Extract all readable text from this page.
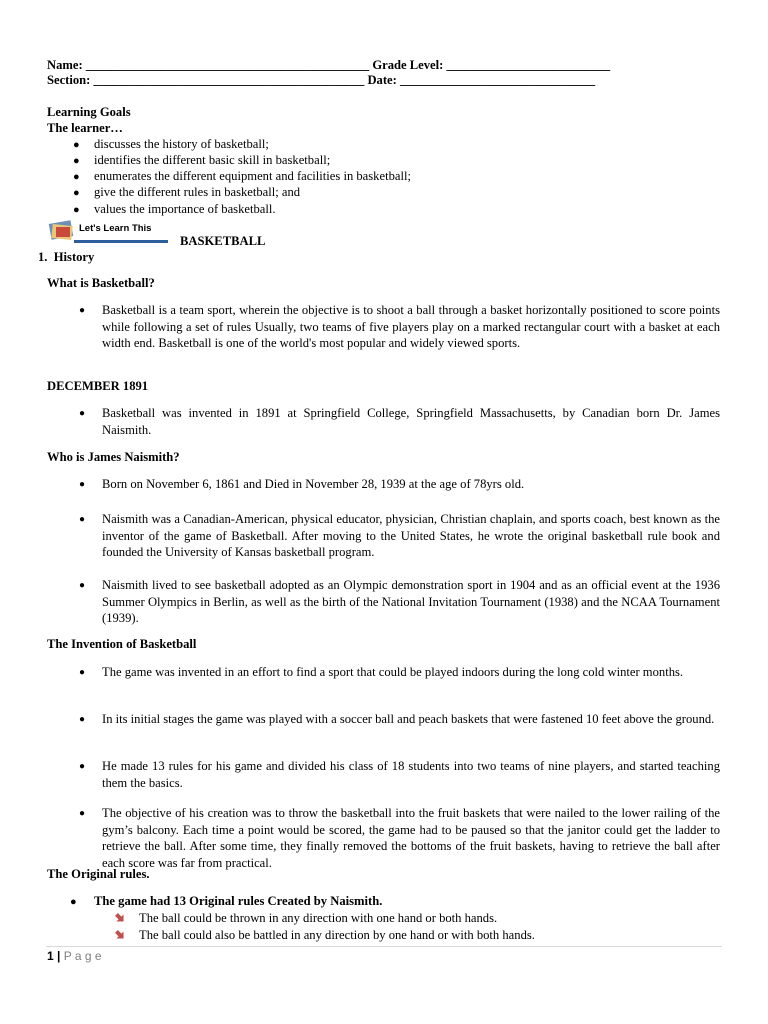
Name: _____________________________________________ Grade Level: __________________________
Section: ___________________________________________ Date: _______________________________
Learning Goals
The learner…
● discusses the history of basketball;
● identifies the different basic skill in basketball;
● enumerates the different equipment and facilities in basketball;
● give the different rules in basketball; and
● values the importance of basketball.
Let's Learn This
BASKETBALL
1. History
What is Basketball?
● Basketball is a team sport, wherein the objective is to shoot a ball through a basket horizontally positioned to score points while following a set of rules Usually, two teams of five players play on a marked rectangular court with a basket at each width end. Basketball is one of the world's most popular and widely viewed sports.
DECEMBER 1891
● Basketball was invented in 1891 at Springfield College, Springfield Massachusetts, by Canadian born Dr. James Naismith.
Who is James Naismith?
● Born on November 6, 1861 and Died in November 28, 1939 at the age of 78yrs old.
● Naismith was a Canadian-American, physical educator, physician, Christian chaplain, and sports coach, best known as the inventor of the game of Basketball. After moving to the United States, he wrote the original basketball rule book and founded the University of Kansas basketball program.
● Naismith lived to see basketball adopted as an Olympic demonstration sport in 1904 and as an official event at the 1936 Summer Olympics in Berlin, as well as the birth of the National Invitation Tournament (1938) and the NCAA Tournament (1939).
The Invention of Basketball
● The game was invented in an effort to find a sport that could be played indoors during the long cold winter months.
● In its initial stages the game was played with a soccer ball and peach baskets that were fastened 10 feet above the ground.
● He made 13 rules for his game and divided his class of 18 students into two teams of nine players, and started teaching them the basics.
● The objective of his creation was to throw the basketball into the fruit baskets that were nailed to the lower railing of the gym’s balcony. Each time a point would be scored, the game had to be paused so that the janitor could get the ladder to retrieve the ball. After some time, they finally removed the bottoms of the fruit baskets, having to retrieve the ball after each score was far from practical.
The Original rules.
● The game had 13 Original rules Created by Naismith.
The ball could be thrown in any direction with one hand or both hands.
The ball could also be battled in any direction by one hand or with both hands.
1 | P a g e
